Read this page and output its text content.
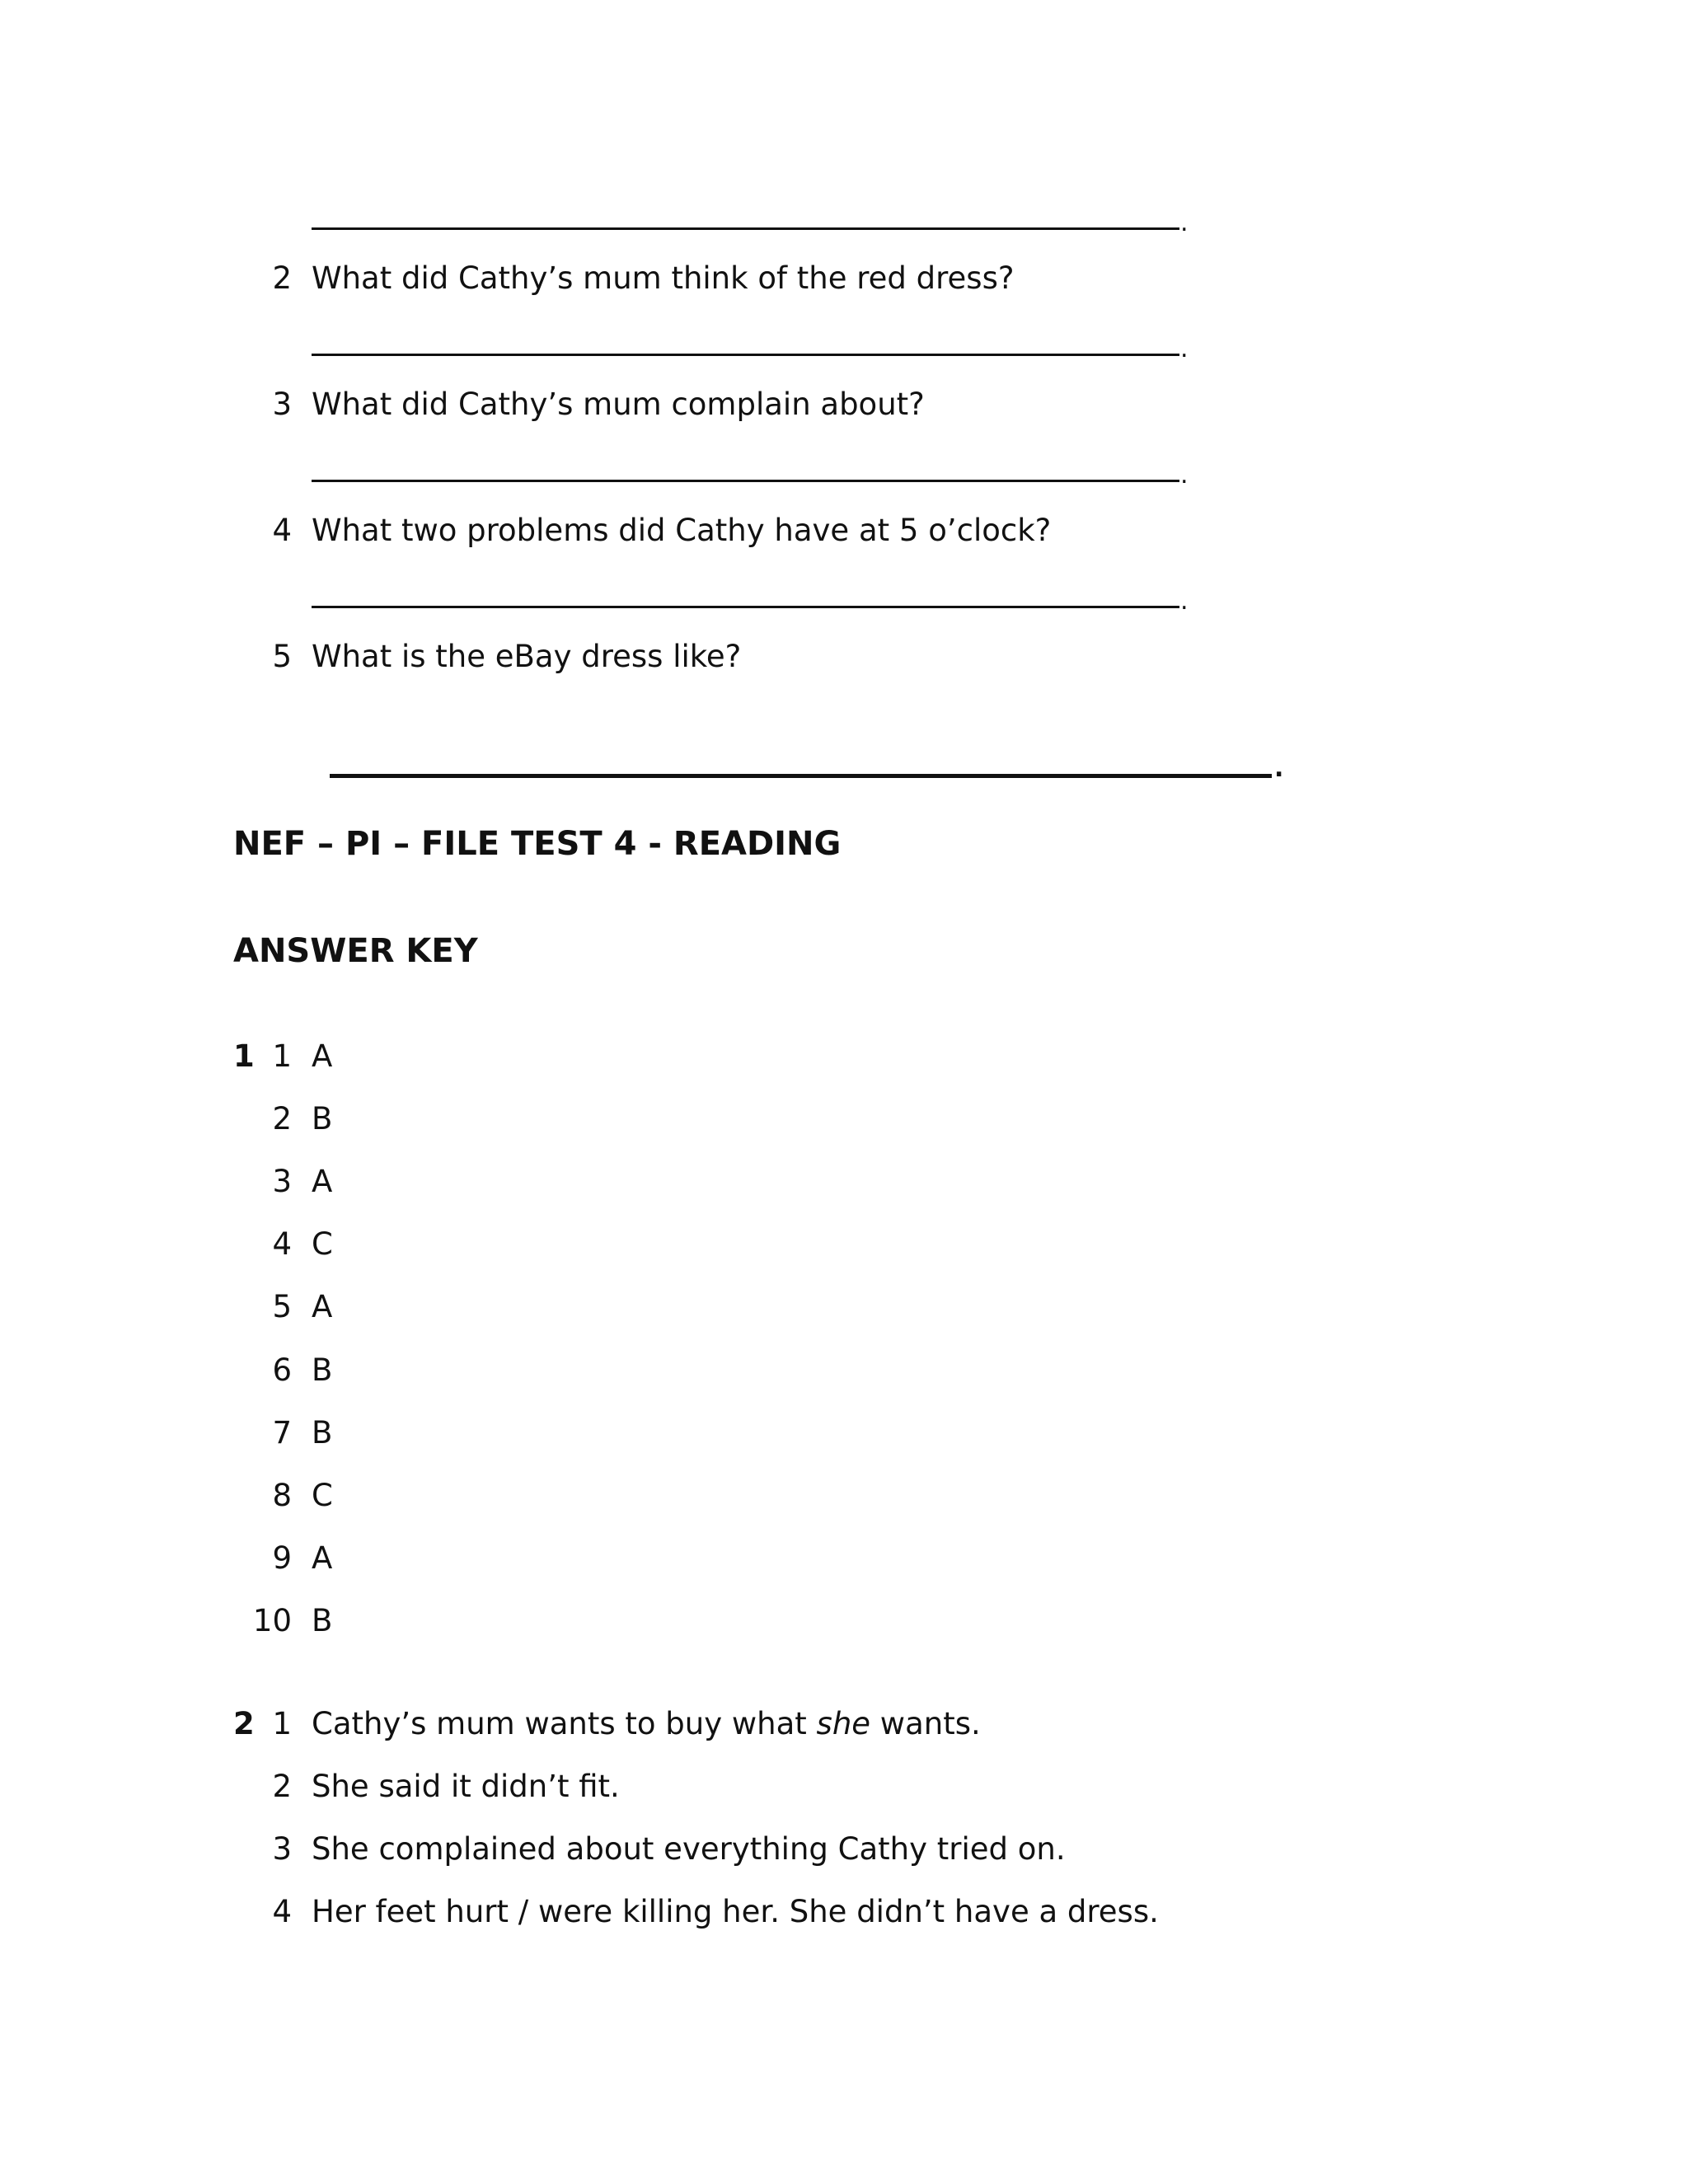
.
2 What did Cathy’s mum think of the red dress?
.
3 What did Cathy’s mum complain about?
.
4 What two problems did Cathy have at 5 o’clock?
.
5 What is the eBay dress like?
.
NEF – PI – FILE TEST 4 - READING
ANSWER KEY
1 1 A
2 B
3 A
4 C
5 A
6 B
7 B
8 C
9 A
10 B
2 1 Cathy’s mum wants to buy what she wants.
2 She said it didn’t fit.
3 She complained about everything Cathy tried on.
4 Her feet hurt / were killing her. She didn’t have a dress.
